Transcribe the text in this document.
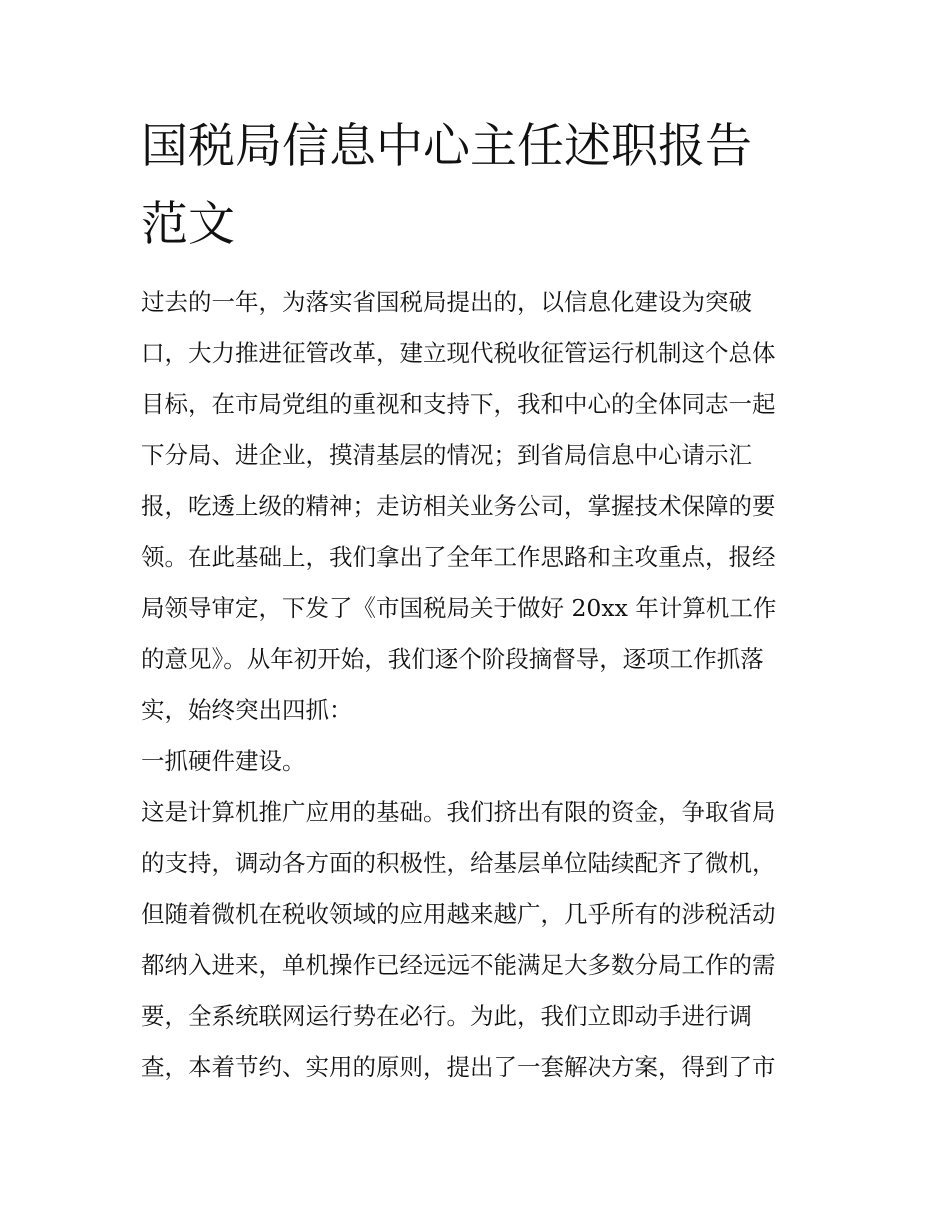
国税局信息中心主任述职报告
范文
过去的一年，为落实省国税局提出的，以信息化建设为突破
口，大力推进征管改革，建立现代税收征管运行机制这个总体
目标，在市局党组的重视和支持下，我和中心的全体同志一起
下分局、进企业，摸清基层的情况；到省局信息中心请示汇
报，吃透上级的精神；走访相关业务公司，掌握技术保障的要
领。在此基础上，我们拿出了全年工作思路和主攻重点，报经
局领导审定，下发了《市国税局关于做好 20xx 年计算机工作
的意见》。从年初开始，我们逐个阶段摘督导，逐项工作抓落
实，始终突出四抓：
一抓硬件建设。
这是计算机推广应用的基础。我们挤出有限的资金，争取省局
的支持，调动各方面的积极性，给基层单位陆续配齐了微机，
但随着微机在税收领域的应用越来越广，几乎所有的涉税活动
都纳入进来，单机操作已经远远不能满足大多数分局工作的需
要，全系统联网运行势在必行。为此，我们立即动手进行调
查，本着节约、实用的原则，提出了一套解决方案，得到了市
